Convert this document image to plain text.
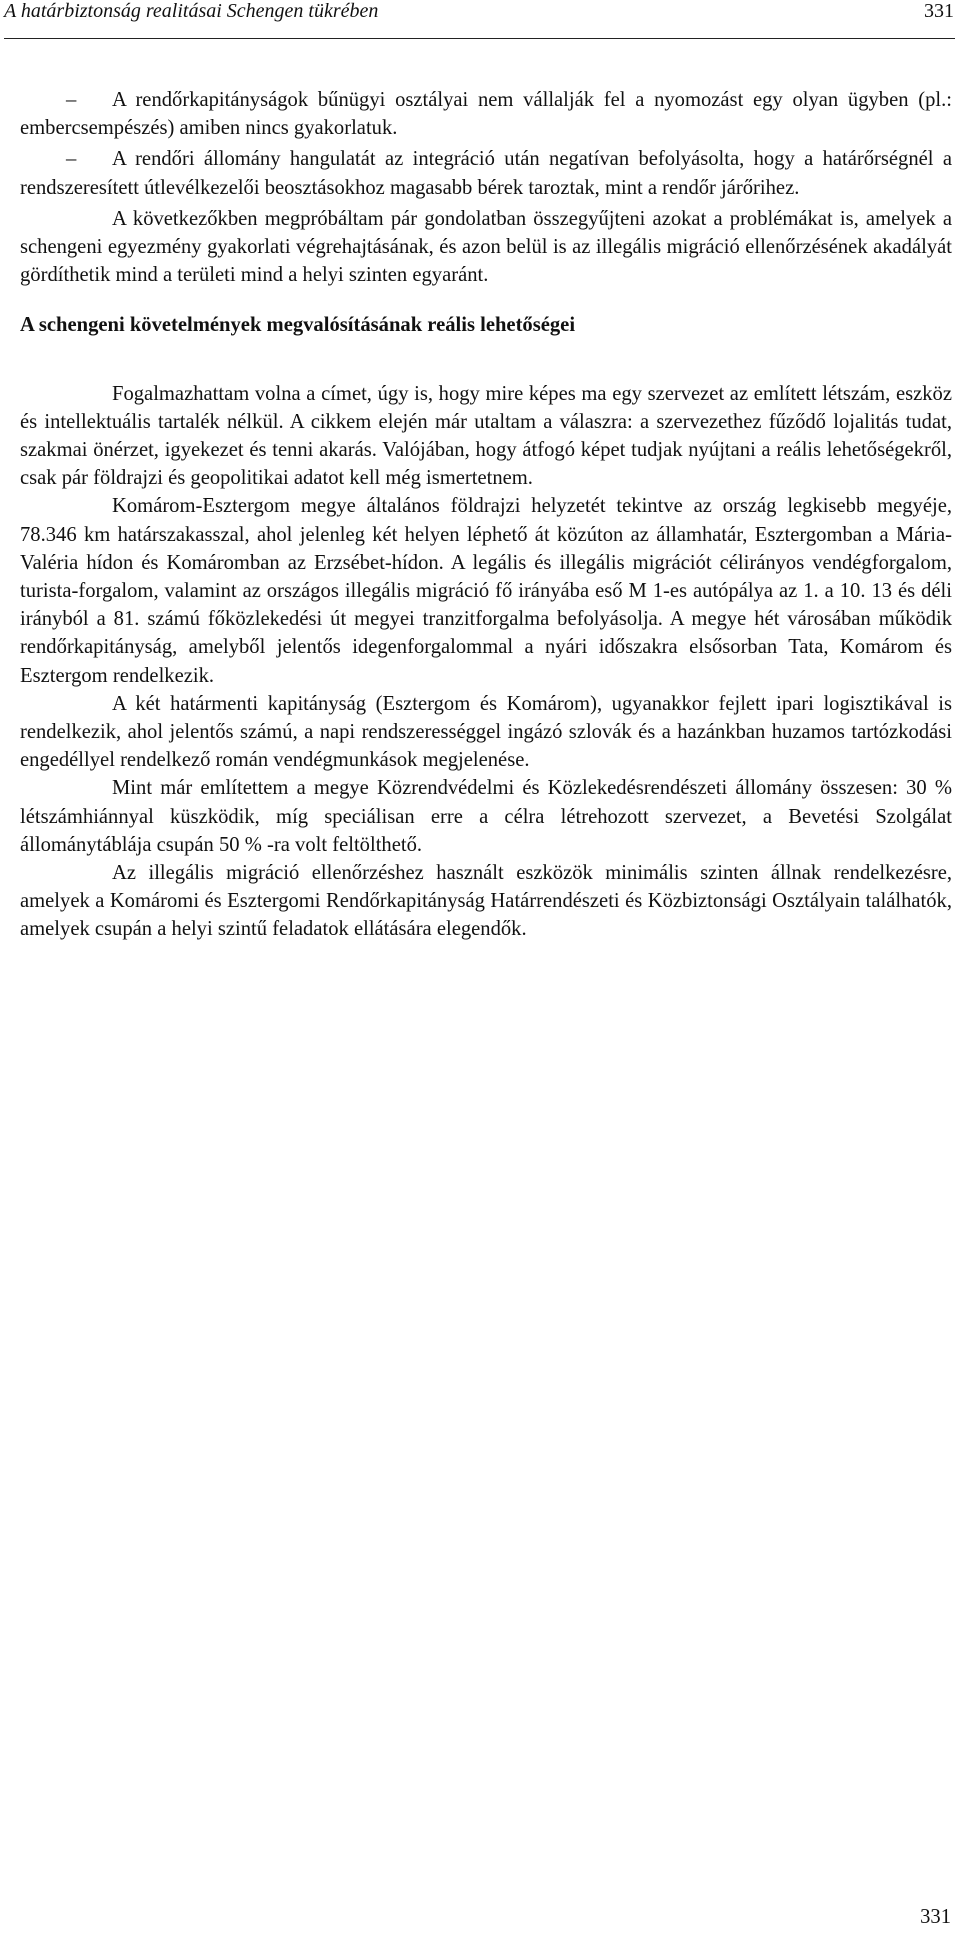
A határbiztonság realitásai Schengen tükrében	331

– A rendőrkapitányságok bűnügyi osztályai nem vállalják fel a nyomozást egy olyan ügyben (pl.: embercsempészés) amiben nincs gyakorlatuk.

– A rendőri állomány hangulatát az integráció után negatívan befolyásolta, hogy a határőrségnél a rendszeresített útlevélkezelői beosztásokhoz magasabb bérek taroztak, mint a rendőr járőrihez.

A következőkben megpróbáltam pár gondolatban összegyűjteni azokat a problémákat is, amelyek a schengeni egyezmény gyakorlati végrehajtásának, és azon belül is az illegális migráció ellenőrzésének akadályát gördíthetik mind a területi mind a helyi szinten egyaránt.

A schengeni követelmények megvalósításának reális lehetőségei

Fogalmazhattam volna a címet, úgy is, hogy mire képes ma egy szervezet az említett létszám, eszköz és intellektuális tartalék nélkül. A cikkem elején már utaltam a válaszra: a szervezethez fűződő lojalitás tudat, szakmai önérzet, igyekezet és tenni akarás. Valójában, hogy átfogó képet tudjak nyújtani a reális lehetőségekről, csak pár földrajzi és geopolitikai adatot kell még ismertetnem.

Komárom-Esztergom megye általános földrajzi helyzetét tekintve az ország legkisebb megyéje, 78.346 km határszakasszal, ahol jelenleg két helyen léphető át közúton az államhatár, Esztergomban a Mária-Valéria hídon és Komáromban az Erzsébet-hídon. A legális és illegális migrációt célirányos vendégforgalom, turista-forgalom, valamint az országos illegális migráció fő irányába eső M 1-es autópálya az 1. a 10. 13 és déli irányból a 81. számú főközlekedési út megyei tranzitforgalma befolyásolja. A megye hét városában működik rendőrkapitányság, amelyből jelentős idegenforgalommal a nyári időszakra elsősorban Tata, Komárom és Esztergom rendelkezik.

A két határmenti kapitányság (Esztergom és Komárom), ugyanakkor fejlett ipari logisztikával is rendelkezik, ahol jelentős számú, a napi rendszerességgel ingázó szlovák és a hazánkban huzamos tartózkodási engedéllyel rendelkező román vendégmunkások megjelenése.

Mint már említettem a megye Közrendvédelmi és Közlekedésrendészeti állomány összesen: 30 % létszámhiánnyal küszködik, míg speciálisan erre a célra létrehozott szervezet, a Bevetési Szolgálat állománytáblája csupán 50 % -ra volt feltölthető.

Az illegális migráció ellenőrzéshez használt eszközök minimális szinten állnak rendelkezésre, amelyek a Komáromi és Esztergomi Rendőrkapitányság Határrendészeti és Közbiztonsági Osztályain találhatók, amelyek csupán a helyi szintű feladatok ellátására elegendők.

331
